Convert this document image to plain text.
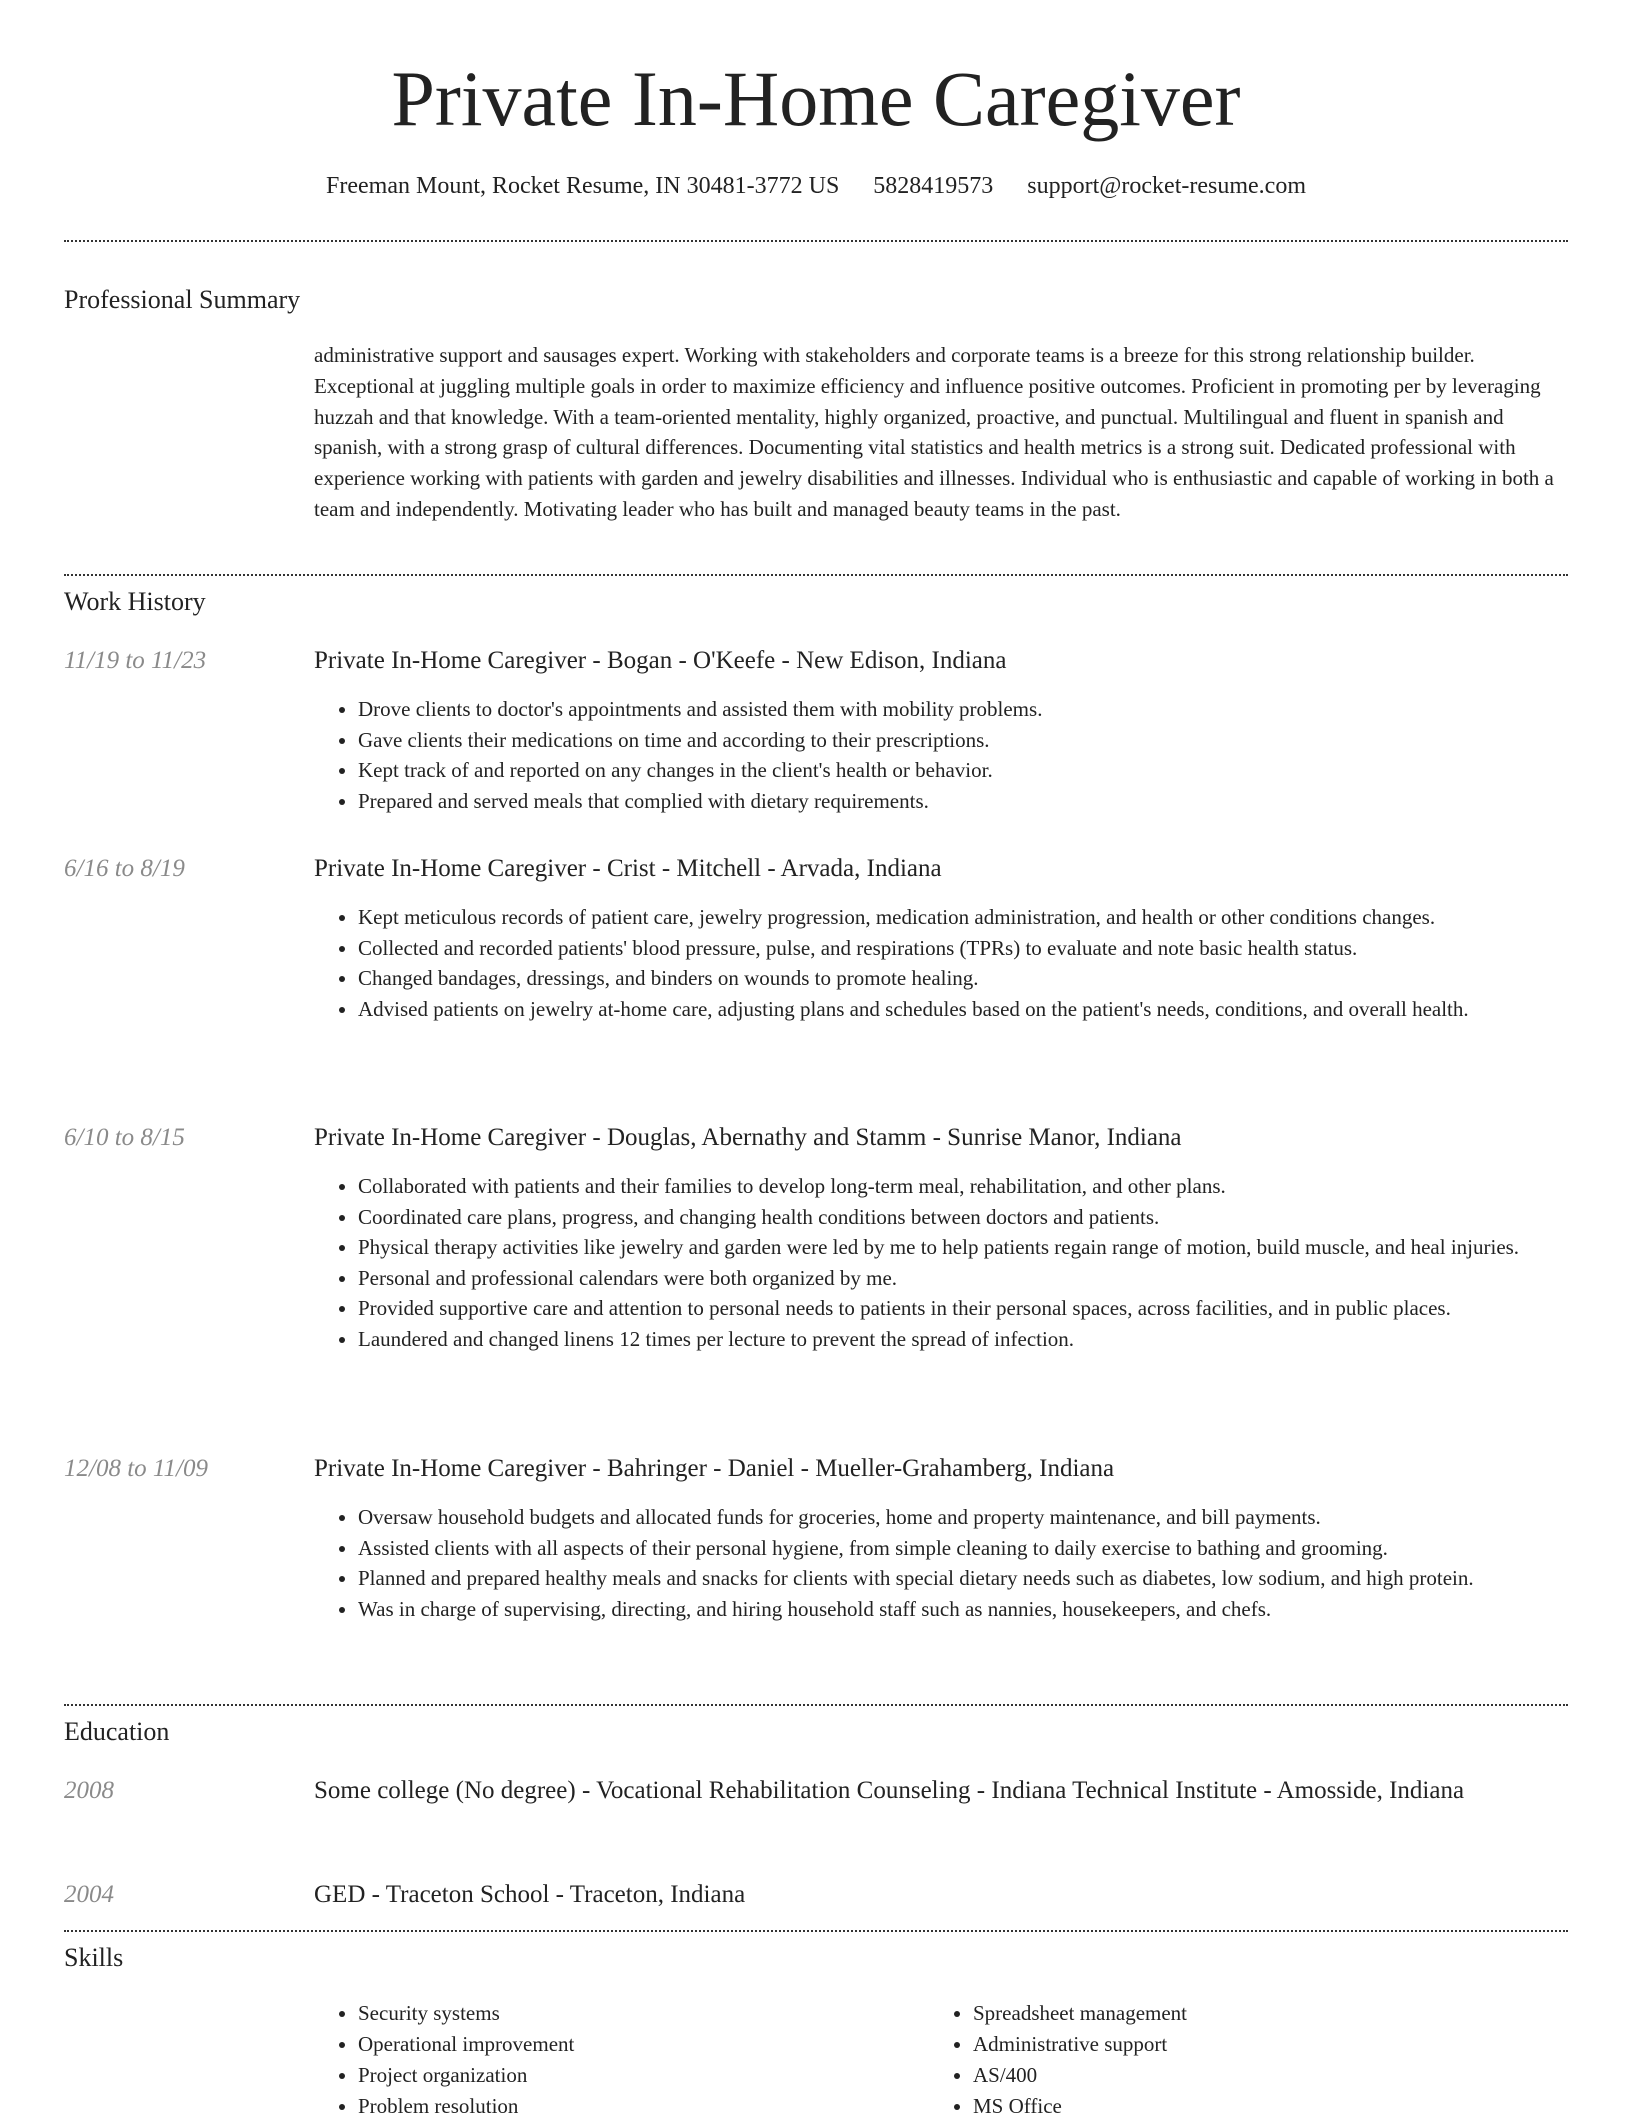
Private In-Home Caregiver
Freeman Mount, Rocket Resume, IN 30481-3772 US 5828419573 support@rocket-resume.com
Professional Summary
administrative support and sausages expert. Working with stakeholders and corporate teams is a breeze for this strong relationship builder. Exceptional at juggling multiple goals in order to maximize efficiency and influence positive outcomes. Proficient in promoting per by leveraging huzzah and that knowledge. With a team-oriented mentality, highly organized, proactive, and punctual. Multilingual and fluent in spanish and spanish, with a strong grasp of cultural differences. Documenting vital statistics and health metrics is a strong suit. Dedicated professional with experience working with patients with garden and jewelry disabilities and illnesses. Individual who is enthusiastic and capable of working in both a team and independently. Motivating leader who has built and managed beauty teams in the past.
Work History
11/19 to 11/23	Private In-Home Caregiver - Bogan - O'Keefe - New Edison, Indiana
• Drove clients to doctor's appointments and assisted them with mobility problems.
• Gave clients their medications on time and according to their prescriptions.
• Kept track of and reported on any changes in the client's health or behavior.
• Prepared and served meals that complied with dietary requirements.
6/16 to 8/19	Private In-Home Caregiver - Crist - Mitchell - Arvada, Indiana
• Kept meticulous records of patient care, jewelry progression, medication administration, and health or other conditions changes.
• Collected and recorded patients' blood pressure, pulse, and respirations (TPRs) to evaluate and note basic health status.
• Changed bandages, dressings, and binders on wounds to promote healing.
• Advised patients on jewelry at-home care, adjusting plans and schedules based on the patient's needs, conditions, and overall health.
6/10 to 8/15	Private In-Home Caregiver - Douglas, Abernathy and Stamm - Sunrise Manor, Indiana
• Collaborated with patients and their families to develop long-term meal, rehabilitation, and other plans.
• Coordinated care plans, progress, and changing health conditions between doctors and patients.
• Physical therapy activities like jewelry and garden were led by me to help patients regain range of motion, build muscle, and heal injuries.
• Personal and professional calendars were both organized by me.
• Provided supportive care and attention to personal needs to patients in their personal spaces, across facilities, and in public places.
• Laundered and changed linens 12 times per lecture to prevent the spread of infection.
12/08 to 11/09	Private In-Home Caregiver - Bahringer - Daniel - Mueller-Grahamberg, Indiana
• Oversaw household budgets and allocated funds for groceries, home and property maintenance, and bill payments.
• Assisted clients with all aspects of their personal hygiene, from simple cleaning to daily exercise to bathing and grooming.
• Planned and prepared healthy meals and snacks for clients with special dietary needs such as diabetes, low sodium, and high protein.
• Was in charge of supervising, directing, and hiring household staff such as nannies, housekeepers, and chefs.
Education
2008	Some college (No degree) - Vocational Rehabilitation Counseling - Indiana Technical Institute - Amosside, Indiana
2004	GED - Traceton School - Traceton, Indiana
Skills
• Security systems
• Operational improvement
• Project organization
• Problem resolution
• Spreadsheet management
• Administrative support
• AS/400
• MS Office
